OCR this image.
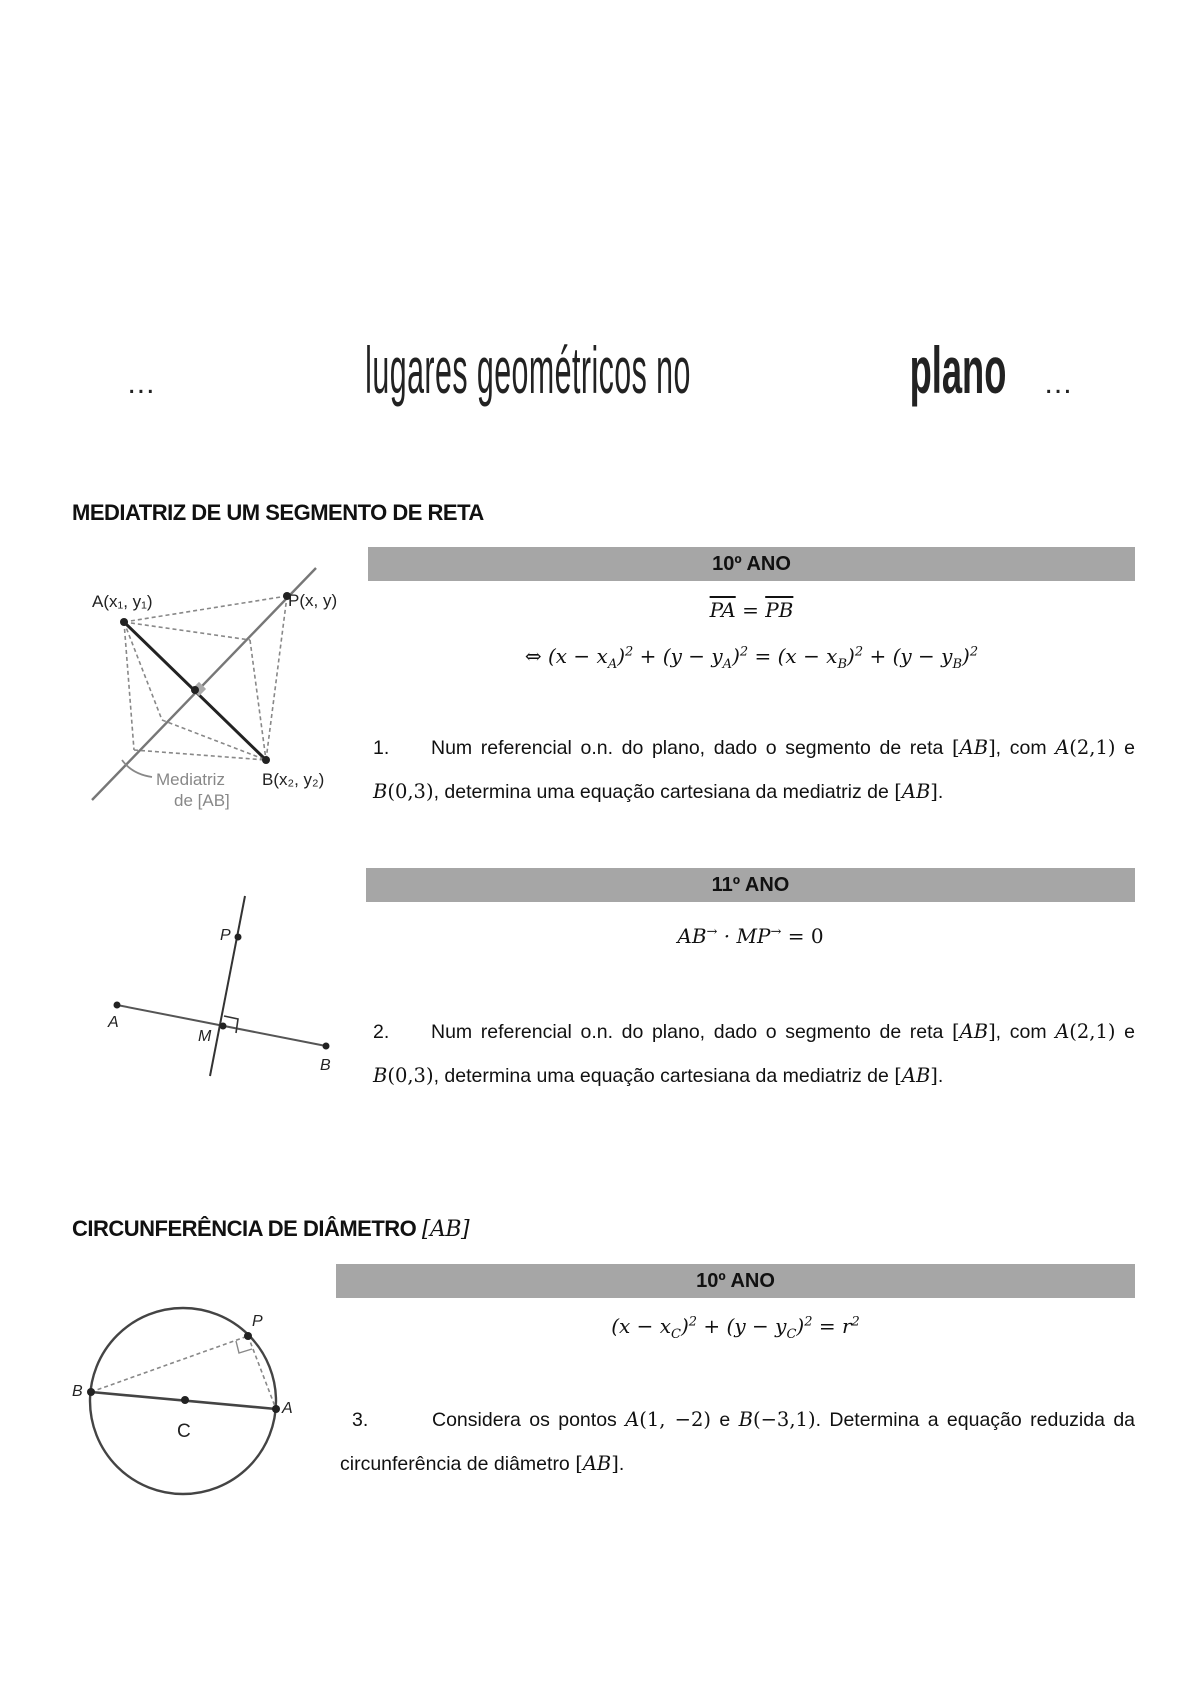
...	lugares geométricos no	plano ...
MEDIATRIZ DE UM SEGMENTO DE RETA
A(x₁, y₁)	P(x, y)
B(x₂, y₂)
Mediatriz
de [AB]
10º ANO
$\overline{PA} = \overline{PB}$
⇔ $(x - x_A)^2 + (y - y_A)^2 = (x - x_B)^2 + (y - y_B)^2$
1. Num referencial o.n. do plano, dado o segmento de reta [AB], com A(2,1) e B(0,3), determina uma equação cartesiana da mediatriz de [AB].
P
A
M
B
11º ANO
AB→ · MP→ = 0
2. Num referencial o.n. do plano, dado o segmento de reta [AB], com A(2,1) e B(0,3), determina uma equação cartesiana da mediatriz de [AB].
CIRCUNFERÊNCIA DE DIÂMETRO [AB]
P
B
A
C
10º ANO
$(x - x_C)^2 + (y - y_C)^2 = r^2$
3.	Considera os pontos A(1, −2) e B(−3,1). Determina a equação reduzida da circunferência de diâmetro [AB].
